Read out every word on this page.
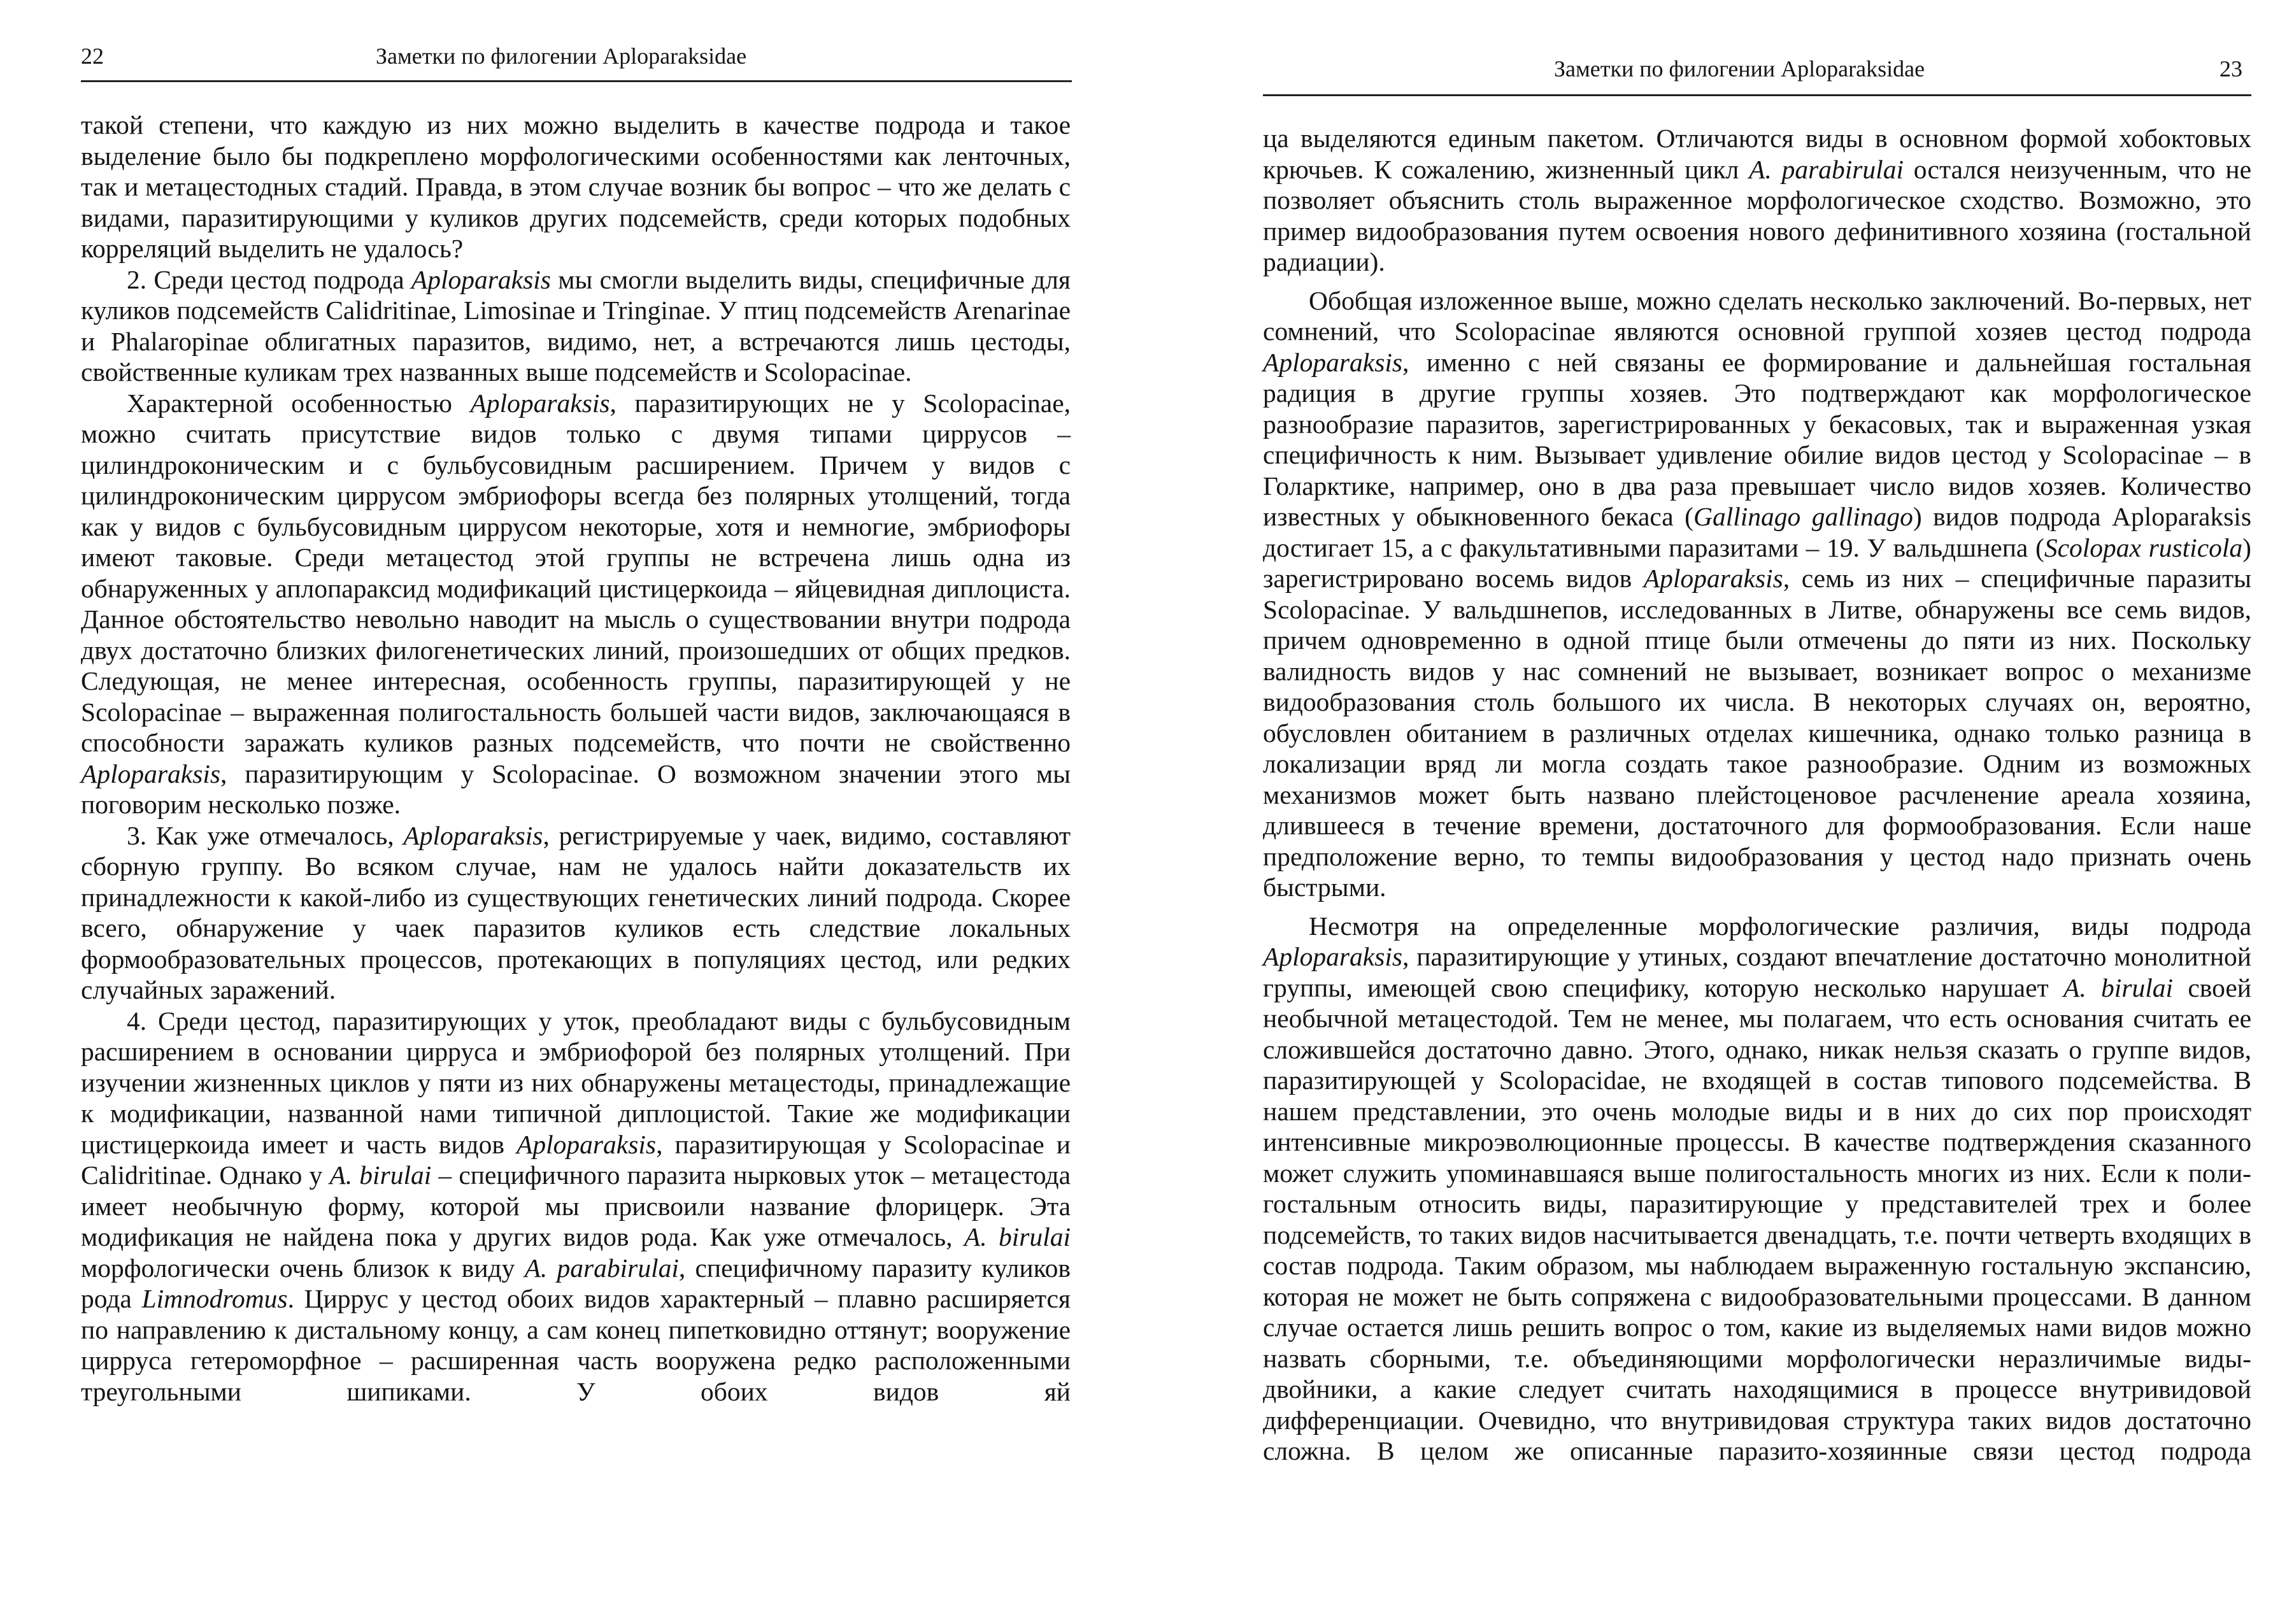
22	Заметки по филогении Aploparaksidae

такой степени, что каждую из них можно выделить в качестве подрода и такое выделение было бы подкреплено морфологическими особенностями как ленточных, так и метацестодных стадий. Правда, в этом случае возник бы вопрос – что же делать с видами, паразитирующими у куликов других подсемейств, среди которых подобных корреляций выделить не удалось?

2. Среди цестод подрода Aploparaksis мы смогли выделить виды, специфичные для куликов подсемейств Calidritinae, Limosinae и Tringinae. У птиц подсемейств Arenarinae и Phalaropinae облигатных паразитов, видимо, нет, а встречаются лишь цестоды, свойственные куликам трех названных выше подсемейств и Scolopacinae.

Характерной особенностью Aploparaksis, паразитирующих не у Scolopacinae, можно считать присутствие видов только с двумя типами циррусов – цилиндроконическим и с бульбусовидным расширением. Причем у видов с цилиндроконическим циррусом эмбриофоры всегда без полярных утолщений, тогда как у видов с бульбусовидным циррусом некоторые, хотя и немногие, эмбриофоры имеют таковые. Среди метацестод этой группы не встречена лишь одна из обнаруженных у аплопараксид модификаций цистицеркоида – яйцевидная диплоциста. Данное обстоятельство невольно наводит на мысль о существовании внутри подрода двух достаточно близких филогенетических линий, произошедших от общих предков. Следующая, не менее интересная, особенность группы, паразитирующей у не Scolopacinae – выраженная полигостальность большей части видов, заключающаяся в способности заражать куликов разных подсемейств, что почти не свойственно Aploparaksis, паразитирующим у Scolopacinae. О возможном значении этого мы поговорим несколько позже.

3. Как уже отмечалось, Aploparaksis, регистрируемые у чаек, видимо, составляют сборную группу. Во всяком случае, нам не удалось найти доказательств их принадлежности к какой-либо из существующих генетических линий подрода. Скорее всего, обнаружение у чаек паразитов куликов есть следствие локальных формообразовательных процессов, протекающих в популяциях цестод, или редких случайных заражений.

4. Среди цестод, паразитирующих у уток, преобладают виды с бульбусовидным расширением в основании цирруса и эмбриофорой без полярных утолщений. При изучении жизненных циклов у пяти из них обнаружены метацестоды, принадлежащие к модификации, названной нами типичной диплоцистой. Такие же модификации цистицеркоида имеет и часть видов Aploparaksis, паразитирующая у Scolopacinae и Calidritinae. Однако у A. birulai – специфичного паразита нырковых уток – метацестода имеет необычную форму, которой мы присвоили название флорицерк. Эта модификация не найдена пока у других видов рода. Как уже отмечалось, A. birulai морфологически очень близок к виду A. parabirulai, специфичному паразиту куликов рода Limnodromus. Циррус у цестод обоих видов характерный – плавно расширяется по направлению к дистальному концу, а сам конец пипетковидно оттянут; вооружение цирруса гетероморфное – расширенная часть вооружена редко расположенными треугольными шипиками. У обоих видов яй

Заметки по филогении Aploparaksidae	23

ца выделяются единым пакетом. Отличаются виды в основном формой хобоктовых крючьев. К сожалению, жизненный цикл A. parabirulai остался неизученным, что не позволяет объяснить столь выраженное морфологическое сходство. Возможно, это пример видообразования путем освоения нового дефинитивного хозяина (гостальной радиации).

Обобщая изложенное выше, можно сделать несколько заключений. Во-первых, нет сомнений, что Scolopacinae являются основной группой хозяев цестод подрода Aploparaksis, именно с ней связаны ее формирование и дальнейшая гостальная радиция в другие группы хозяев. Это подтверждают как морфологическое разнообразие паразитов, зарегистрированных у бекасовых, так и выраженная узкая специфичность к ним. Вызывает удивление обилие видов цестод у Scolopacinae – в Голарктике, например, оно в два раза превышает число видов хозяев. Количество известных у обыкновенного бекаса (Gallinago gallinago) видов подрода Aploparaksis достигает 15, а с факультативными паразитами – 19. У вальдшнепа (Scolopax rusticola) зарегистрировано восемь видов Aploparaksis, семь из них – специфичные паразиты Scolopacinae. У вальдшнепов, исследованных в Литве, обнаружены все семь видов, причем одновременно в одной птице были отмечены до пяти из них. Поскольку валидность видов у нас сомнений не вызывает, возникает вопрос о механизме видообразования столь большого их числа. В некоторых случаях он, вероятно, обусловлен обитанием в различных отделах кишечника, однако только разница в локализации вряд ли могла создать такое разнообразие. Одним из возможных механизмов может быть названо плейстоценовое расчленение ареала хозяина, длившееся в течение времени, достаточного для формообразования. Если наше предположение верно, то темпы видообразования у цестод надо признать очень быстрыми.

Несмотря на определенные морфологические различия, виды подрода Aploparaksis, паразитирующие у утиных, создают впечатление достаточно монолитной группы, имеющей свою специфику, которую несколько нарушает A. birulai своей необычной метацестодой. Тем не менее, мы полагаем, что есть основания считать ее сложившейся достаточно давно. Этого, однако, никак нельзя сказать о группе видов, паразитирующей у Scolopacidae, не входящей в состав типового подсемейства. В нашем представлении, это очень молодые виды и в них до сих пор происходят интенсивные микроэволюционные процессы. В качестве подтверждения сказанного может служить упоминавшаяся выше полигостальность многих из них. Если к полигостальным относить виды, паразитирующие у представителей трех и более подсемейств, то таких видов насчитывается двенадцать, т.е. почти четверть входящих в состав подрода. Таким образом, мы наблюдаем выраженную гостальную экспансию, которая не может не быть сопряжена с видообразовательными процессами. В данном случае остается лишь решить вопрос о том, какие из выделяемых нами видов можно назвать сборными, т.е. объединяющими морфологически неразличимые виды-двойники, а какие следует считать находящимися в процессе внутривидовой дифференциации. Очевидно, что внутривидовая структура таких видов достаточно сложна. В целом же описанные паразито-хозяинные связи цестод подрода
